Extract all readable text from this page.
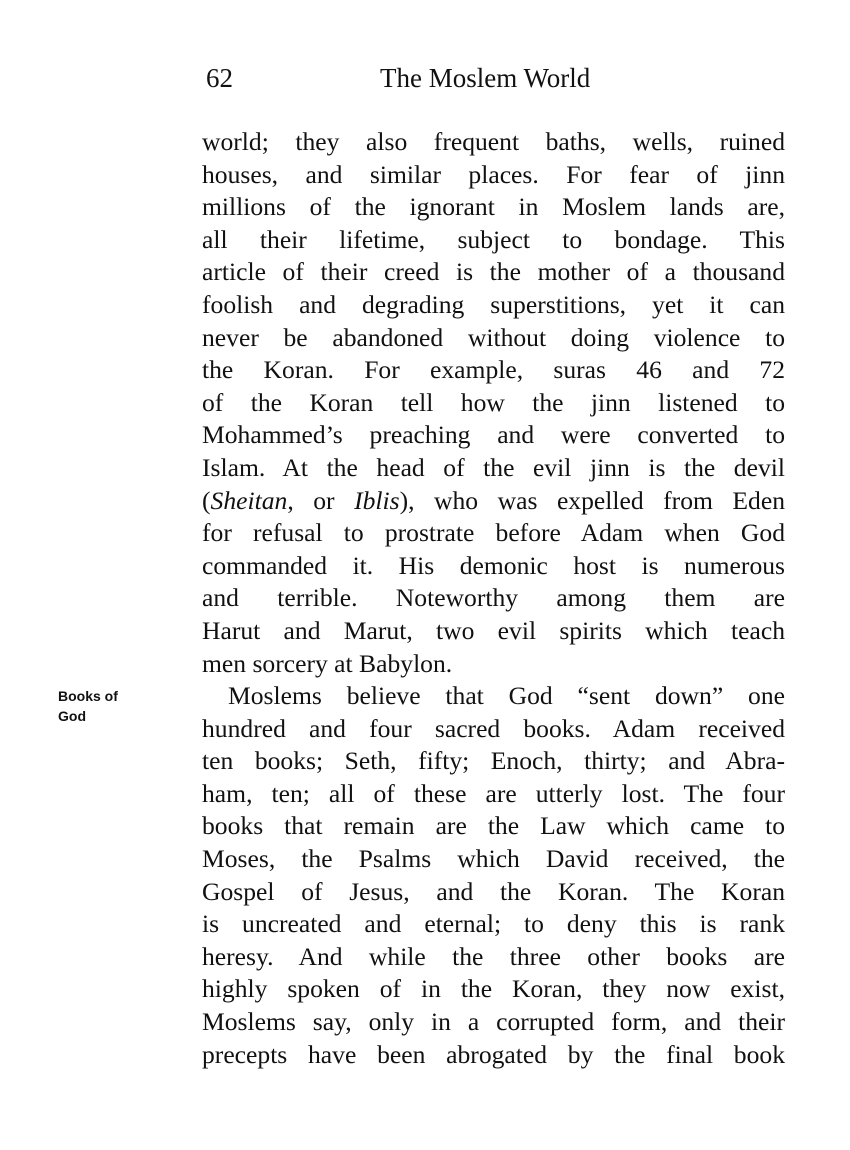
62	The Moslem World
Books of
God
world; they also frequent baths, wells, ruined
houses, and similar places. For fear of jinn
millions of the ignorant in Moslem lands are,
all their lifetime, subject to bondage. This
article of their creed is the mother of a thousand
foolish and degrading superstitions, yet it can
never be abandoned without doing violence to
the Koran. For example, suras 46 and 72
of the Koran tell how the jinn listened to
Mohammed’s preaching and were converted to
Islam. At the head of the evil jinn is the devil
(Sheitan, or Iblis), who was expelled from Eden
for refusal to prostrate before Adam when God
commanded it. His demonic host is numerous
and terrible. Noteworthy among them are
Harut and Marut, two evil spirits which teach
men sorcery at Babylon.
Moslems believe that God “sent down” one
hundred and four sacred books. Adam received
ten books; Seth, fifty; Enoch, thirty; and Abra-
ham, ten; all of these are utterly lost. The four
books that remain are the Law which came to
Moses, the Psalms which David received, the
Gospel of Jesus, and the Koran. The Koran
is uncreated and eternal; to deny this is rank
heresy. And while the three other books are
highly spoken of in the Koran, they now exist,
Moslems say, only in a corrupted form, and their
precepts have been abrogated by the final book
